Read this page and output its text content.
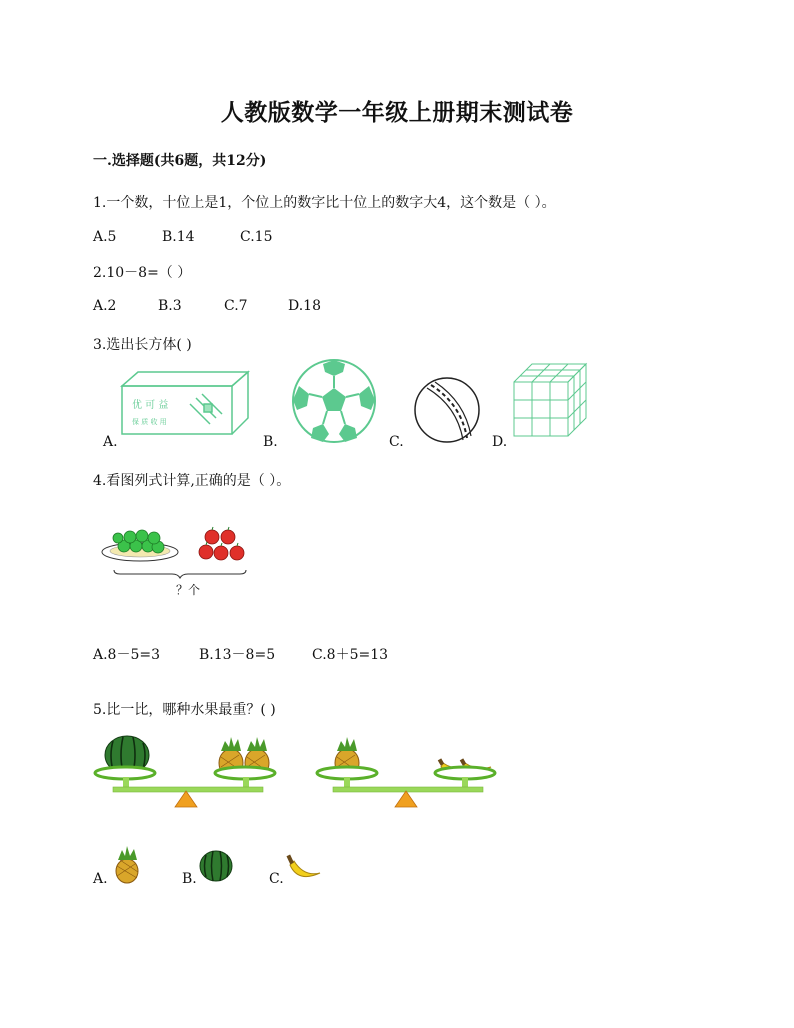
人教版数学一年级上册期末测试卷
一.选择题(共6题，共12分)
1.一个数，十位上是1，个位上的数字比十位上的数字大4，这个数是（ ）。
A.5	B.14	C.15
2.10－8=（ ）
A.2	B.3	C.7	D.18
3.选出长方体( )
优 可 益
保 质 收 用
A.	B.	C.	D.
4.看图列式计算,正确的是（ ）。
？个
A.8－5=3	B.13－8=5	C.8＋5=13
5.比一比，哪种水果最重？( )
A.	B.	C.
